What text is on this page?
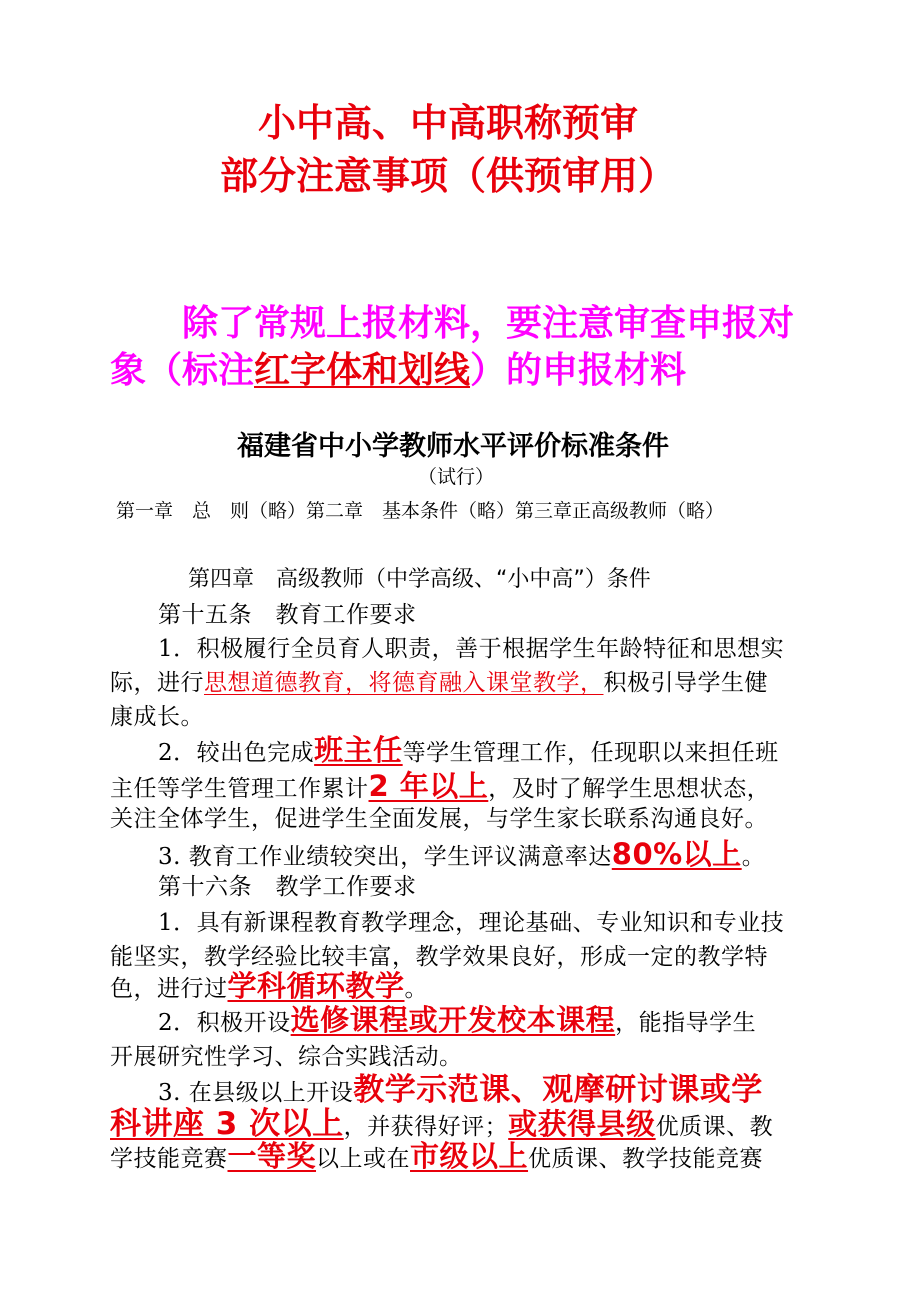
小中高、中高职称预审
部分注意事项（供预审用）
除了常规上报材料，要注意审查申报对
象（标注红字体和划线）的申报材料
福建省中小学教师水平评价标准条件
（试行）
第一章　总　则（略）第二章　基本条件（略）第三章正高级教师（略）
第四章　高级教师（中学高级、“小中高”）条件
第十五条　教育工作要求
1．积极履行全员育人职责，善于根据学生年龄特征和思想实
际，进行思想道德教育，将德育融入课堂教学，积极引导学生健
康成长。
2．较出色完成班主任等学生管理工作，任现职以来担任班
主任等学生管理工作累计2 年以上，及时了解学生思想状态，
关注全体学生，促进学生全面发展，与学生家长联系沟通良好。
3. 教育工作业绩较突出，学生评议满意率达80%以上。
第十六条　教学工作要求
1．具有新课程教育教学理念，理论基础、专业知识和专业技
能坚实，教学经验比较丰富，教学效果良好，形成一定的教学特
色，进行过学科循环教学。
2．积极开设选修课程或开发校本课程，能指导学生
开展研究性学习、综合实践活动。
3. 在县级以上开设教学示范课、观摩研讨课或学
科讲座 3 次以上，并获得好评；或获得县级优质课、教
学技能竞赛一等奖以上或在市级以上优质课、教学技能竞赛
